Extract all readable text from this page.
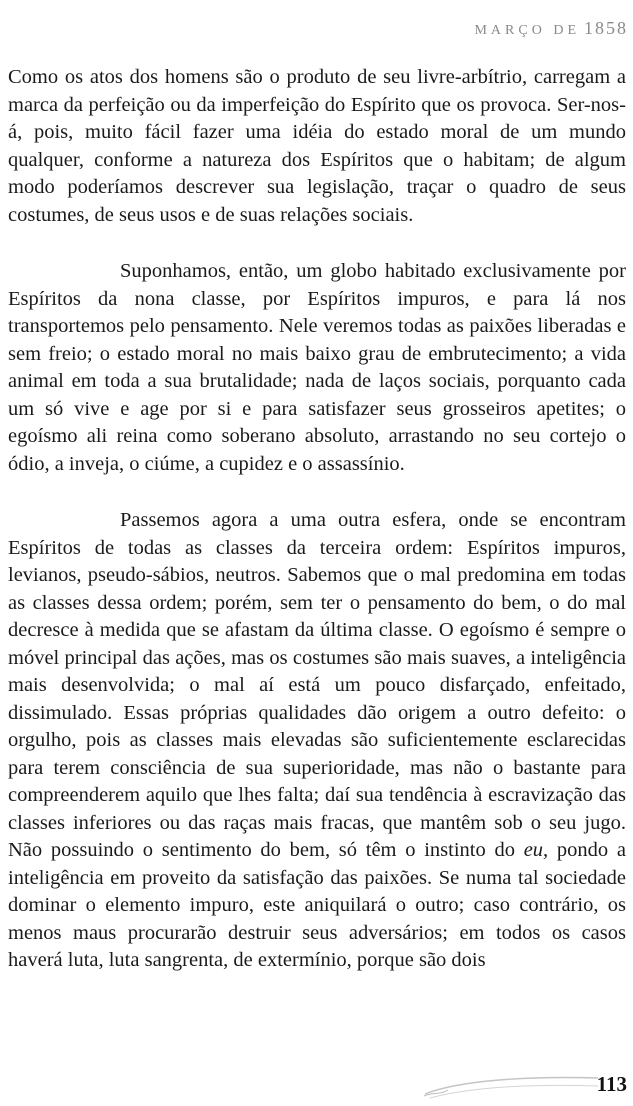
MARÇO DE 1858

Como os atos dos homens são o produto de seu livre-arbítrio, carregam a marca da perfeição ou da imperfeição do Espírito que os provoca. Ser-nos-á, pois, muito fácil fazer uma idéia do estado moral de um mundo qualquer, conforme a natureza dos Espíritos que o habitam; de algum modo poderíamos descrever sua legislação, traçar o quadro de seus costumes, de seus usos e de suas relações sociais.

Suponhamos, então, um globo habitado exclusivamente por Espíritos da nona classe, por Espíritos impuros, e para lá nos transportemos pelo pensamento. Nele veremos todas as paixões liberadas e sem freio; o estado moral no mais baixo grau de embrutecimento; a vida animal em toda a sua brutalidade; nada de laços sociais, porquanto cada um só vive e age por si e para satisfazer seus grosseiros apetites; o egoísmo ali reina como soberano absoluto, arrastando no seu cortejo o ódio, a inveja, o ciúme, a cupidez e o assassínio.

Passemos agora a uma outra esfera, onde se encontram Espíritos de todas as classes da terceira ordem: Espíritos impuros, levianos, pseudo-sábios, neutros. Sabemos que o mal predomina em todas as classes dessa ordem; porém, sem ter o pensamento do bem, o do mal decresce à medida que se afastam da última classe. O egoísmo é sempre o móvel principal das ações, mas os costumes são mais suaves, a inteligência mais desenvolvida; o mal aí está um pouco disfarçado, enfeitado, dissimulado. Essas próprias qualidades dão origem a outro defeito: o orgulho, pois as classes mais elevadas são suficientemente esclarecidas para terem consciência de sua superioridade, mas não o bastante para compreenderem aquilo que lhes falta; daí sua tendência à escravização das classes inferiores ou das raças mais fracas, que mantêm sob o seu jugo. Não possuindo o sentimento do bem, só têm o instinto do eu, pondo a inteligência em proveito da satisfação das paixões. Se numa tal sociedade dominar o elemento impuro, este aniquilará o outro; caso contrário, os menos maus procurarão destruir seus adversários; em todos os casos haverá luta, luta sangrenta, de extermínio, porque são dois

113
